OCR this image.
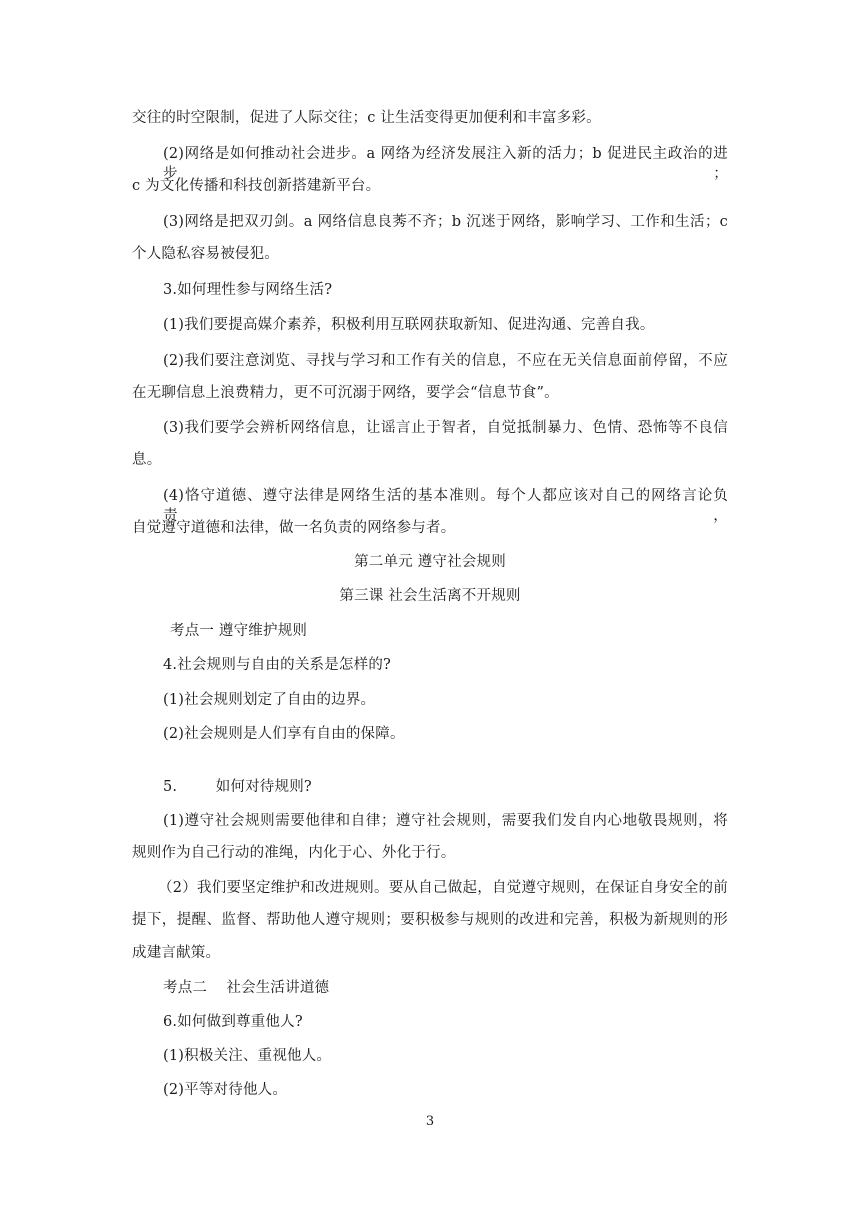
交往的时空限制，促进了人际交往；c 让生活变得更加便利和丰富多彩。
(2)网络是如何推动社会进步。a 网络为经济发展注入新的活力；b 促进民主政治的进步；
c 为文化传播和科技创新搭建新平台。
(3)网络是把双刃剑。a 网络信息良莠不齐；b 沉迷于网络，影响学习、工作和生活；c
个人隐私容易被侵犯。
3.如何理性参与网络生活?
(1)我们要提高媒介素养，积极利用互联网获取新知、促进沟通、完善自我。
(2)我们要注意浏览、寻找与学习和工作有关的信息，不应在无关信息面前停留，不应
在无聊信息上浪费精力，更不可沉溺于网络，要学会“信息节食”。
(3)我们要学会辨析网络信息，让谣言止于智者，自觉抵制暴力、色情、恐怖等不良信
息。
(4)恪守道德、遵守法律是网络生活的基本准则。每个人都应该对自己的网络言论负责，
自觉遵守道德和法律，做一名负责的网络参与者。
第二单元 遵守社会规则
第三课 社会生活离不开规则
考点一 遵守维护规则
4.社会规则与自由的关系是怎样的?
(1)社会规则划定了自由的边界。
(2)社会规则是人们享有自由的保障。
5.        如何对待规则?
(1)遵守社会规则需要他律和自律；遵守社会规则，需要我们发自内心地敬畏规则，将
规则作为自己行动的准绳，内化于心、外化于行。
（2）我们要坚定维护和改进规则。要从自己做起，自觉遵守规则，在保证自身安全的前
提下，提醒、监督、帮助他人遵守规则；要积极参与规则的改进和完善，积极为新规则的形
成建言献策。
考点二    社会生活讲道德
6.如何做到尊重他人?
(1)积极关注、重视他人。
(2)平等对待他人。
3
